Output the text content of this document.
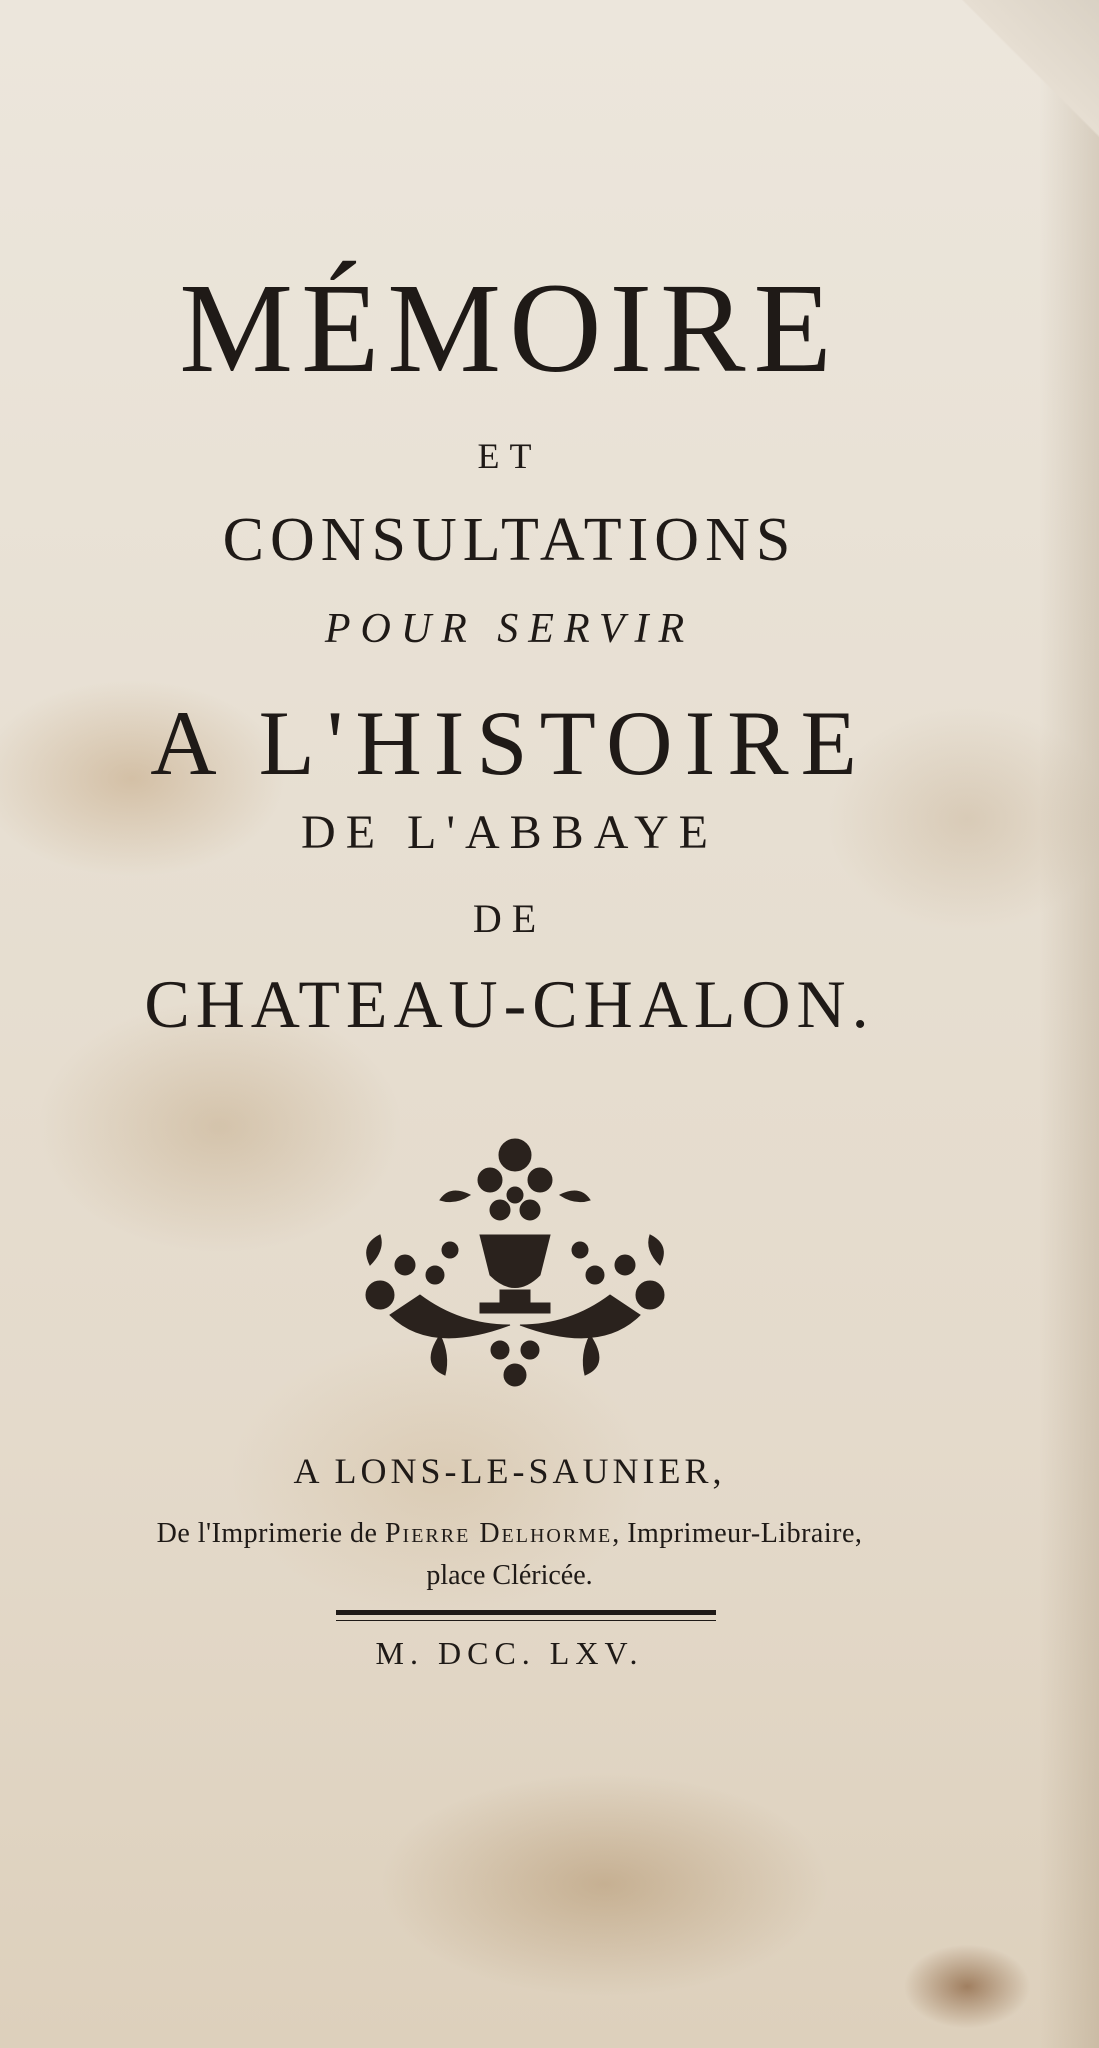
MÉMOIRE
ET
CONSULTATIONS
POUR SERVIR
A L'HISTOIRE
DE L'ABBAYE
DE
CHATEAU-CHALON.
A LONS-LE-SAUNIER,
De l'Imprimerie de Pierre Delhorme, Imprimeur-Libraire,
place Cléricée.
M. DCC. LXV.
